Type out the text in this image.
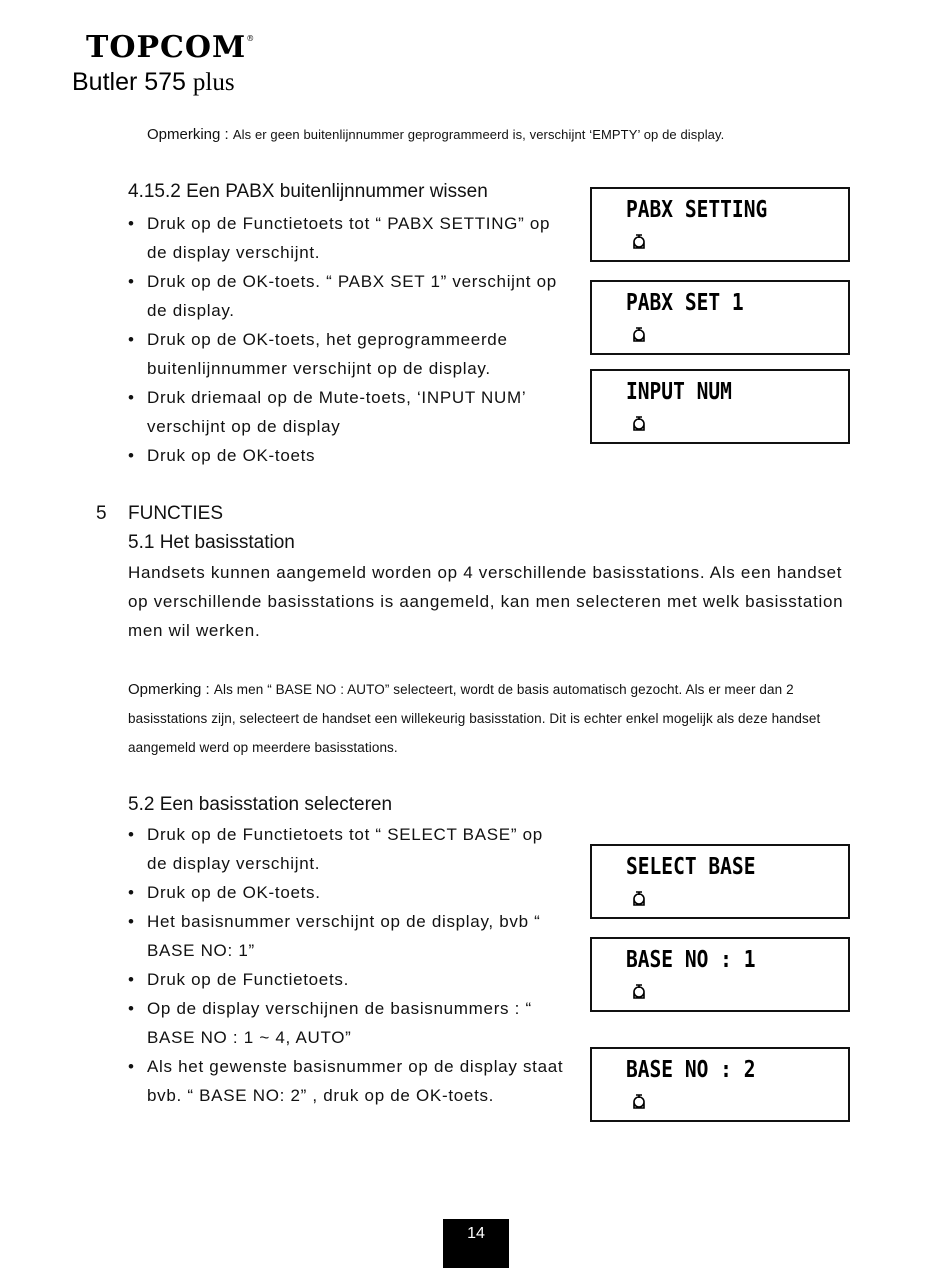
TOPCOM®
Butler 575 plus
Opmerking : Als er geen buitenlijnnummer geprogrammeerd is, verschijnt ‘EMPTY’ op de display.
4.15.2 Een PABX buitenlijnnummer wissen
• Druk op de Functietoets tot “ PABX SETTING” op de display verschijnt.
• Druk op de OK-toets. “ PABX SET 1” verschijnt op de display.
• Druk op de OK-toets, het geprogrammeerde buitenlijnnummer verschijnt op de display.
• Druk driemaal op de Mute-toets, ‘INPUT NUM’ verschijnt op de display
• Druk op de OK-toets
PABX SETTING
PABX SET 1
INPUT NUM
5 FUNCTIES
5.1 Het basisstation
Handsets kunnen aangemeld worden op 4 verschillende basisstations. Als een handset op verschillende basisstations is aangemeld, kan men selecteren met welk basisstation men wil werken.
Opmerking : Als men “ BASE NO : AUTO” selecteert, wordt de basis automatisch gezocht. Als er meer dan 2 basisstations zijn, selecteert de handset een willekeurig basisstation. Dit is echter enkel mogelijk als deze handset aangemeld werd op meerdere basisstations.
5.2 Een basisstation selecteren
• Druk op de Functietoets tot “ SELECT BASE” op de display verschijnt.
• Druk op de OK-toets.
• Het basisnummer verschijnt op de display, bvb “ BASE NO: 1”
• Druk op de Functietoets.
• Op de display verschijnen de basisnummers : “ BASE NO : 1 ~ 4, AUTO”
• Als het gewenste basisnummer op de display staat bvb. “ BASE NO: 2” , druk op de OK-toets.
SELECT BASE
BASE NO : 1
BASE NO : 2
14
